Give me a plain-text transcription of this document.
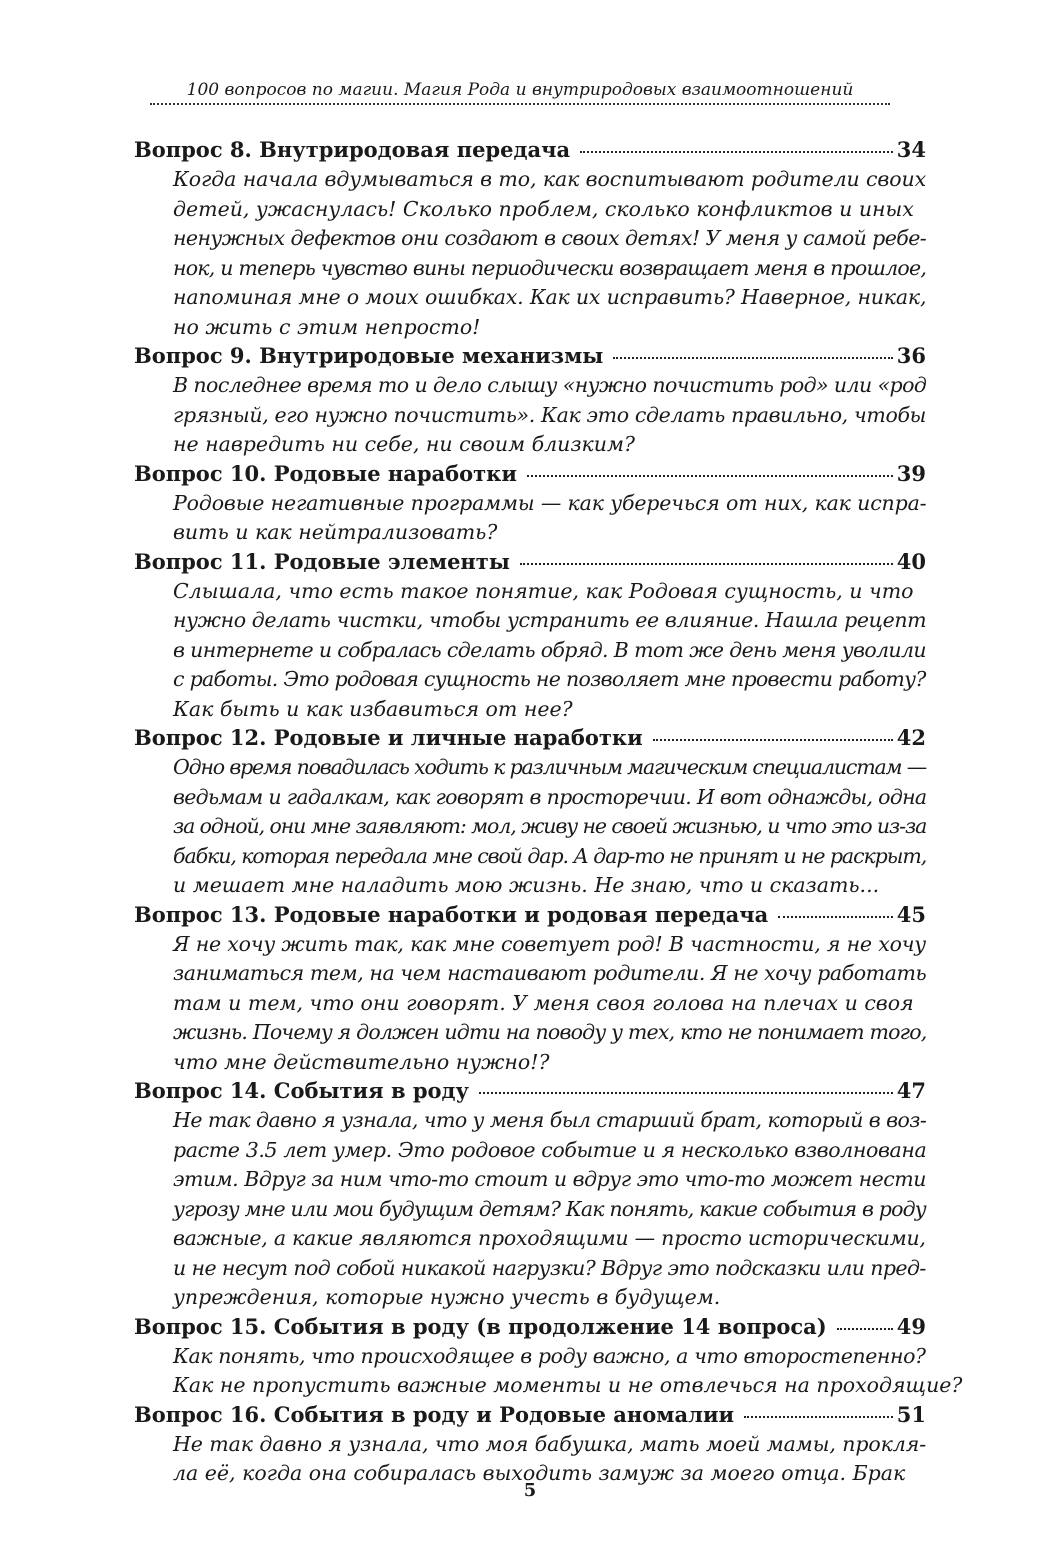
100 вопросов по магии. Магия Рода и внутриродовых взаимоотношений
Вопрос 8. Внутриродовая передача	34
Когда начала вдумываться в то, как воспитывают родители своих
детей, ужаснулась! Сколько проблем, сколько конфликтов и иных
ненужных дефектов они создают в своих детях! У меня у самой ребе-
нок, и теперь чувство вины периодически возвращает меня в прошлое,
напоминая мне о моих ошибках. Как их исправить? Наверное, никак,
но жить с этим непросто!
Вопрос 9. Внутриродовые механизмы	36
В последнее время то и дело слышу «нужно почистить род» или «род
грязный, его нужно почистить». Как это сделать правильно, чтобы
не навредить ни себе, ни своим близким?
Вопрос 10. Родовые наработки	39
Родовые негативные программы — как уберечься от них, как испра-
вить и как нейтрализовать?
Вопрос 11. Родовые элементы	40
Слышала, что есть такое понятие, как Родовая сущность, и что
нужно делать чистки, чтобы устранить ее влияние. Нашла рецепт
в интернете и собралась сделать обряд. В тот же день меня уволили
с работы. Это родовая сущность не позволяет мне провести работу?
Как быть и как избавиться от нее?
Вопрос 12. Родовые и личные наработки	42
Одно время повадилась ходить к различным магическим специалистам —
ведьмам и гадалкам, как говорят в просторечии. И вот однажды, одна
за одной, они мне заявляют: мол, живу не своей жизнью, и что это из-за
бабки, которая передала мне свой дар. А дар-то не принят и не раскрыт,
и мешает мне наладить мою жизнь. Не знаю, что и сказать...
Вопрос 13. Родовые наработки и родовая передача	45
Я не хочу жить так, как мне советует род! В частности, я не хочу
заниматься тем, на чем настаивают родители. Я не хочу работать
там и тем, что они говорят. У меня своя голова на плечах и своя
жизнь. Почему я должен идти на поводу у тех, кто не понимает того,
что мне действительно нужно!?
Вопрос 14. События в роду	47
Не так давно я узнала, что у меня был старший брат, который в воз-
расте 3.5 лет умер. Это родовое событие и я несколько взволнована
этим. Вдруг за ним что-то стоит и вдруг это что-то может нести
угрозу мне или мои будущим детям? Как понять, какие события в роду
важные, а какие являются проходящими — просто историческими,
и не несут под собой никакой нагрузки? Вдруг это подсказки или пред-
упреждения, которые нужно учесть в будущем.
Вопрос 15. События в роду (в продолжение 14 вопроса)	49
Как понять, что происходящее в роду важно, а что второстепенно?
Как не пропустить важные моменты и не отвлечься на проходящие?
Вопрос 16. События в роду и Родовые аномалии	51
Не так давно я узнала, что моя бабушка, мать моей мамы, прокля-
ла её, когда она собиралась выходить замуж за моего отца. Брак
5
